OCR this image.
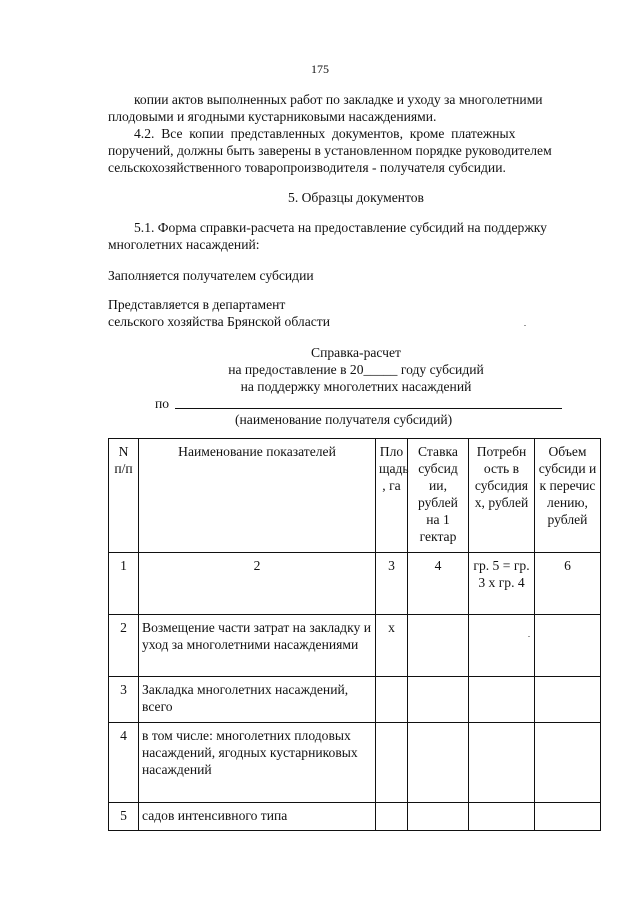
175
копии актов выполненных работ по закладке и уходу за многолетними
плодовыми и ягодными кустарниковыми насаждениями.
4.2.  Все  копии  представленных  документов,  кроме  платежных
поручений, должны быть заверены в установленном порядке руководителем
сельскохозяйственного товаропроизводителя - получателя субсидии.
5. Образцы документов
5.1. Форма справки-расчета на предоставление субсидий на поддержку
многолетних насаждений:
Заполняется получателем субсидии
Представляется в департамент
сельского хозяйства Брянской области
Справка-расчет
на предоставление в 20_____ году субсидий
на поддержку многолетних насаждений
по
(наименование получателя субсидий)
N п/п	Наименование показателей	Пло щадь , га	Ставка субсид ии, рублей на 1 гектар	Потребн ость в субсидия х, рублей	Объем субсиди и к перечис лению, рублей
1	2	3	4	гр. 5 = гр. 3 х гр. 4	6
2	Возмещение части затрат на закладку и уход за многолетними насаждениями	х			
3	Закладка многолетних насаждений, всего				
4	в том числе: многолетних плодовых насаждений, ягодных кустарниковых насаждений				
5	садов интенсивного типа				
